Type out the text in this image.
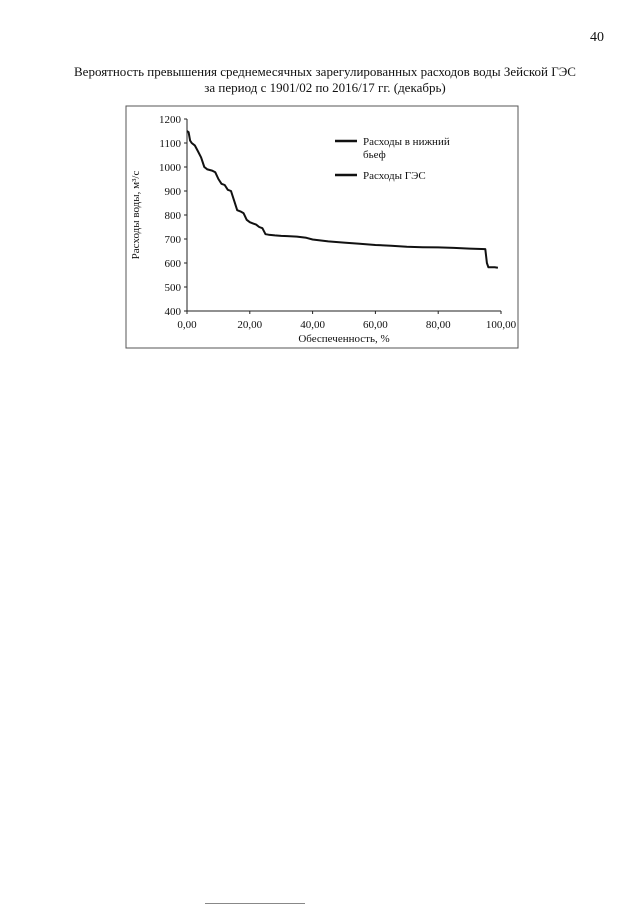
40
Вероятность превышения среднемесячных зарегулированных расходов воды Зейской ГЭС
за период с 1901/02 по 2016/17 гг. (декабрь)
1200
1100
1000
900
800
700
600
500
400
0,00	20,00	40,00	60,00	80,00	100,00
Расходы в нижний
бьеф
Расходы ГЭС
Обеспеченность, %
Расходы воды, м³/с
